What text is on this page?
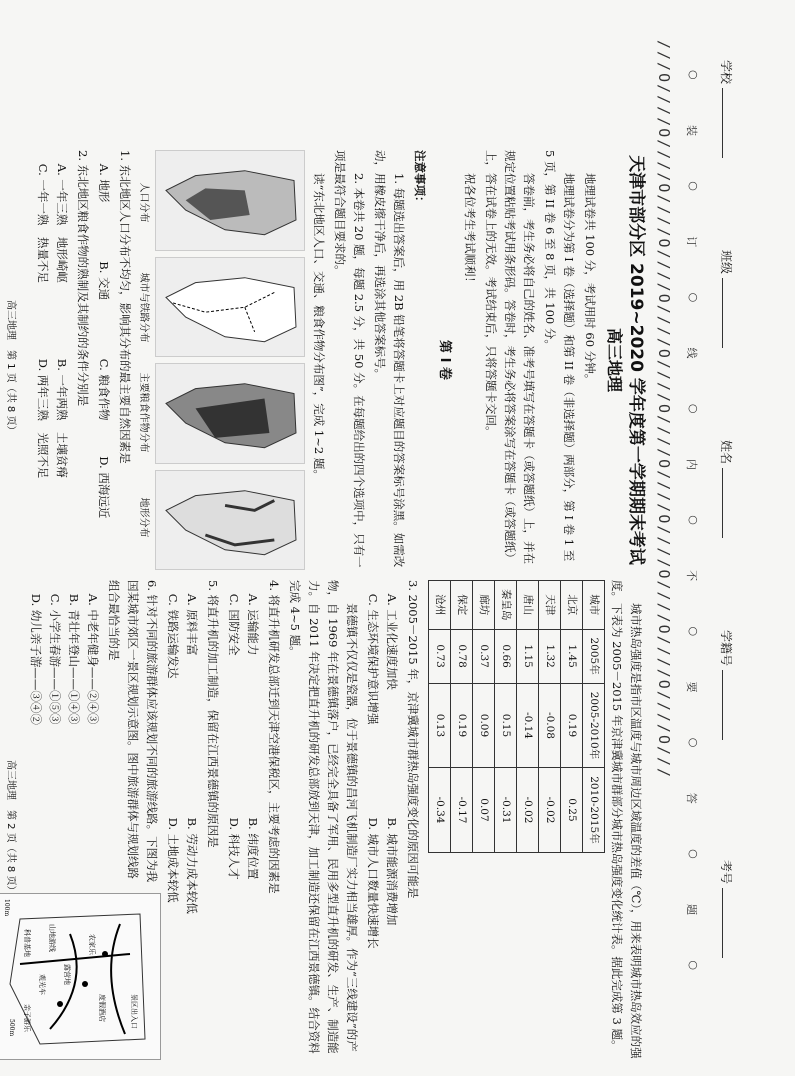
学校
班级
姓名
学籍号
考号
○
装
○
订
○
线
○
内
○
不
○
要
○
答
○
题
○
///O////O////O////O////O////O////O////O////O////O////O////O////O///
天津市部分区 2019~2020 学年度第一学期期末考试
高三地理

地理试卷共 100 分，考试用时 60 分钟。

地理试卷分为第 I 卷（选择题）和第 II 卷（非选择题）两部分，第 I 卷 1 至 5 页，第 II 卷 6 至 8 页，共 100 分。

答卷前，考生务必将自己的姓名、准考号填写在答题卡（或答题纸）上，并在规定位置粘贴考试用条形码。答卷时，考生务必将答案涂写在答题卡（或答题纸）上，答在试卷上的无效。考试结束后，只将答题卡交回。

祝各位考生考试顺利！

第 I 卷

注意事项：

1. 每题选出答案后，用 2B 铅笔将答题卡上对应题目的答案标号涂黑。如需改动，用橡皮擦干净后，再选涂其他答案标号。

2. 本卷共 20 题，每题 2.5 分，共 50 分。在每题给出的四个选项中，只有一项是最符合题目要求的。

读“东北地区人口、交通、粮食作物分布图”，完成 1~2 题。

人口分布
城市与铁路分布
主要粮食作物分布
地形分布

1. 东北地区人口分布不均匀，影响其分布的最主要自然因素是

A. 地形
B. 交通
C. 粮食作物
D. 西海远近

2. 东北地区粮食作物的熟制及其制约的条件分别是

A. 一年三熟　地形崎岖
B. 一年两熟　土壤贫瘠
C. 一年一熟　热量不足
D. 两年三熟　光照不足
高三地理　第 1 页（共 8 页）

城市热岛强度是指市区温度与城市周边区域温度的差值（℃），用来表明城市热岛效应的强度。下表为 2005－2015 年京津冀城市群部分城市热岛强度变化统计表。据此完成第 3 题。

城市	2005年	2005-2010年	2010-2015年
北京	1.45	0.19	0.25
天津	1.32	-0.08	-0.02
唐山	1.15	-0.14	-0.02
秦皇岛	0.66	0.15	-0.31
廊坊	0.37	0.09	0.07
保定	0.78	0.19	-0.17
沧州	0.73	0.13	-0.34

3. 2005－2015 年，京津冀城市群热岛强度变化的原因可能是

A. 工业化速度加快
B. 城市能源消费增加
C. 生态环境保护意识增强
D. 城市人口数量快速增长

景德镇不仅仅是瓷器，位于景德镇的昌河飞机制造厂实力相当雄厚。作为“三线建设”的产物，自 1969 年在景德镇落户，已经完全具备了军用、民用多型直升机的研发、生产、制造能力。自 2011 年决定把直升机的研发总部放到天津，加工制造还保留在江西景德镇。结合资料完成 4~5 题。

4. 将直升机研发总部迁到天津空港保税区，主要考虑的因素是

A. 运输能力
B. 纬度位置
C. 国防安全
D. 科技人才

5. 将直升机的加工制造，保留在江西景德镇的原因是

A. 原料丰富
B. 劳动力成本较低
C. 铁路运输发达
D. 土地成本较低
景区出入口
农家乐
山地游线
观光车
科普基地
度假酒店
亲子游乐
露营地
500m
100m

6. 针对不同的旅游群体应该规划不同的旅游线路。下图为我国某城市郊区一景区规划示意图。图中旅游群体与规划线路组合最恰当的是

A. 中老年健身——②④③
B. 青壮年登山——①④③
C. 小学生春游——①⑤③
D. 幼儿亲子游——③④②
高三地理　第 2 页（共 8 页）
